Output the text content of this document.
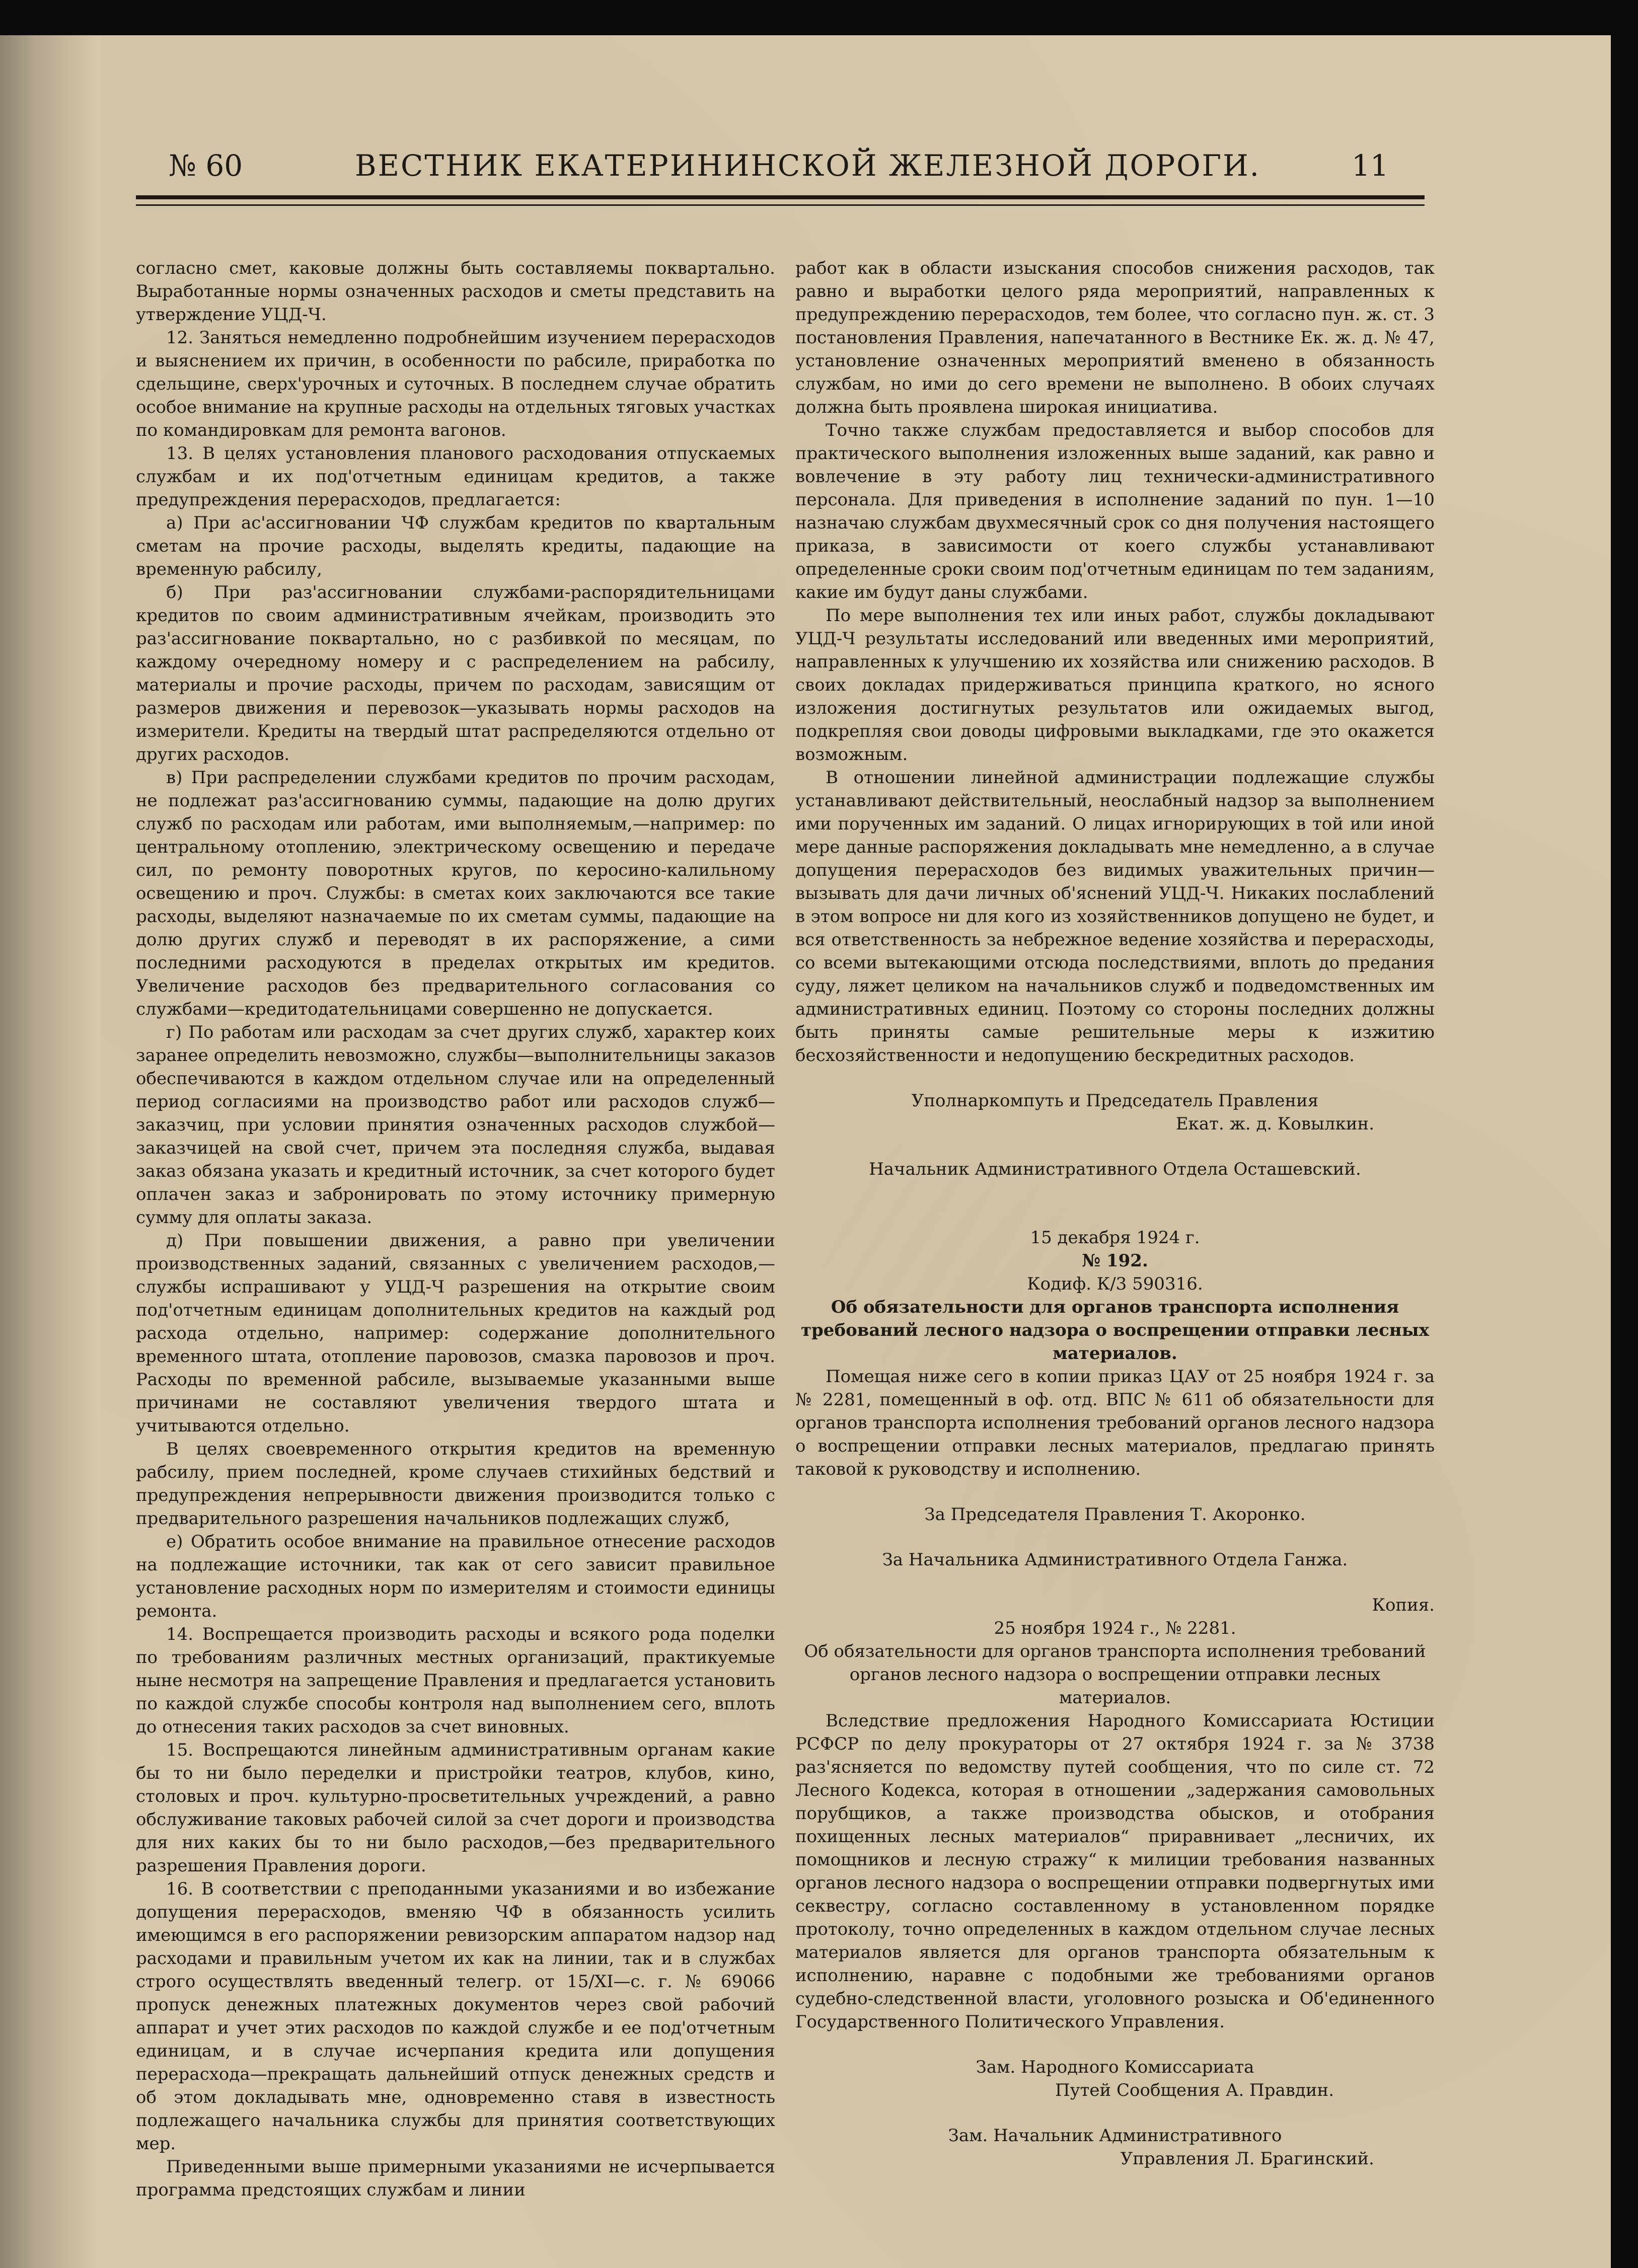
№ 60	ВЕСТНИК ЕКАТЕРИНИНСКОЙ ЖЕЛЕЗНОЙ ДОРОГИ.	11

согласно смет, каковые должны быть составляемы поквартально. Выработанные нормы означенных расходов и сметы представить на утверждение УЦД-Ч.

12. Заняться немедленно подробнейшим изучением перерасходов и выяснением их причин, в особенности по рабсиле, приработка по сдельщине, сверх'урочных и суточных. В последнем случае обратить особое внимание на крупные расходы на отдельных тяговых участках по командировкам для ремонта вагонов.

13. В целях установления планового расходования отпускаемых службам и их под'отчетным единицам кредитов, а также предупреждения перерасходов, предлагается:

а) При ас'ассигновании ЧФ службам кредитов по квартальным сметам на прочие расходы, выделять кредиты, падающие на временную рабсилу,

б) При раз'ассигновании службами-распорядительницами кредитов по своим административным ячейкам, производить это раз'ассигнование поквартально, но с разбивкой по месяцам, по каждому очередному номеру и с распределением на рабсилу, материалы и прочие расходы, причем по расходам, зависящим от размеров движения и перевозок—указывать нормы расходов на измерители. Кредиты на твердый штат распределяются отдельно от других расходов.

в) При распределении службами кредитов по прочим расходам, не подлежат раз'ассигнованию суммы, падающие на долю других служб по расходам или работам, ими выполняемым,—например: по центральному отоплению, электрическому освещению и передаче сил, по ремонту поворотных кругов, по керосино-калильному освещению и проч. Службы: в сметах коих заключаются все такие расходы, выделяют назначаемые по их сметам суммы, падающие на долю других служб и переводят в их распоряжение, а сими последними расходуются в пределах открытых им кредитов. Увеличение расходов без предварительного согласования со службами—кредитодательницами совершенно не допускается.

г) По работам или расходам за счет других служб, характер коих заранее определить невозможно, службы—выполнительницы заказов обеспечиваются в каждом отдельном случае или на определенный период согласиями на производство работ или расходов служб—заказчиц, при условии принятия означенных расходов службой—заказчицей на свой счет, причем эта последняя служба, выдавая заказ обязана указать и кредитный источник, за счет которого будет оплачен заказ и забронировать по этому источнику примерную сумму для оплаты заказа.

д) При повышении движения, а равно при увеличении производственных заданий, связанных с увеличением расходов,—службы испрашивают у УЦД-Ч разрешения на открытие своим под'отчетным единицам дополнительных кредитов на каждый род расхода отдельно, например: содержание дополнительного временного штата, отопление паровозов, смазка паровозов и проч. Расходы по временной рабсиле, вызываемые указанными выше причинами не составляют увеличения твердого штата и учитываются отдельно.

В целях своевременного открытия кредитов на временную рабсилу, прием последней, кроме случаев стихийных бедствий и предупреждения непрерывности движения производится только с предварительного разрешения начальников подлежащих служб,

е) Обратить особое внимание на правильное отнесение расходов на подлежащие источники, так как от сего зависит правильное установление расходных норм по измерителям и стоимости единицы ремонта.

14. Воспрещается производить расходы и всякого рода поделки по требованиям различных местных организаций, практикуемые ныне несмотря на запрещение Правления и предлагается установить по каждой службе способы контроля над выполнением сего, вплоть до отнесения таких расходов за счет виновных.

15. Воспрещаются линейным административным органам какие бы то ни было переделки и пристройки театров, клубов, кино, столовых и проч. культурно-просветительных учреждений, а равно обслуживание таковых рабочей силой за счет дороги и производства для них каких бы то ни было расходов,—без предварительного разрешения Правления дороги.

16. В соответствии с преподанными указаниями и во избежание допущения перерасходов, вменяю ЧФ в обязанность усилить имеющимся в его распоряжении ревизорским аппаратом надзор над расходами и правильным учетом их как на линии, так и в службах строго осуществлять введенный телегр. от 15/XI—с. г. № 69066 пропуск денежных платежных документов через свой рабочий аппарат и учет этих расходов по каждой службе и ее под'отчетным единицам, и в случае исчерпания кредита или допущения перерасхода—прекращать дальнейший отпуск денежных средств и об этом докладывать мне, одновременно ставя в известность подлежащего начальника службы для принятия соответствующих мер.

Приведенными выше примерными указаниями не исчерпывается программа предстоящих службам и линии

работ как в области изыскания способов снижения расходов, так равно и выработки целого ряда мероприятий, направленных к предупреждению перерасходов, тем более, что согласно пун. ж. ст. 3 постановления Правления, напечатанного в Вестнике Ек. ж. д. № 47, установление означенных мероприятий вменено в обязанность службам, но ими до сего времени не выполнено. В обоих случаях должна быть проявлена широкая инициатива.

Точно также службам предоставляется и выбор способов для практического выполнения изложенных выше заданий, как равно и вовлечение в эту работу лиц технически-административного персонала. Для приведения в исполнение заданий по пун. 1—10 назначаю службам двухмесячный срок со дня получения настоящего приказа, в зависимости от коего службы устанавливают определенные сроки своим под'отчетным единицам по тем заданиям, какие им будут даны службами.

По мере выполнения тех или иных работ, службы докладывают УЦД-Ч результаты исследований или введенных ими мероприятий, направленных к улучшению их хозяйства или снижению расходов. В своих докладах придерживаться принципа краткого, но ясного изложения достигнутых результатов или ожидаемых выгод, подкрепляя свои доводы цифровыми выкладками, где это окажется возможным.

В отношении линейной администрации подлежащие службы устанавливают действительный, неослабный надзор за выполнением ими порученных им заданий. О лицах игнорирующих в той или иной мере данные распоряжения докладывать мне немедленно, а в случае допущения перерасходов без видимых уважительных причин—вызывать для дачи личных об'яснений УЦД-Ч. Никаких послаблений в этом вопросе ни для кого из хозяйственников допущено не будет, и вся ответственность за небрежное ведение хозяйства и перерасходы, со всеми вытекающими отсюда последствиями, вплоть до предания суду, ляжет целиком на начальников служб и подведомственных им административных единиц. Поэтому со стороны последних должны быть приняты самые решительные меры к изжитию бесхозяйственности и недопущению бескредитных расходов.

Уполнаркомпуть и Председатель Правления

Екат. ж. д. Ковылкин.

Начальник Административного Отдела Осташевский.

15 декабря 1924 г.

№ 192.

Кодиф. К/3 590316.

Об обязательности для органов транспорта исполнения требований лесного надзора о воспрещении отправки лесных материалов.

Помещая ниже сего в копии приказ ЦАУ от 25 ноября 1924 г. за № 2281, помещенный в оф. отд. ВПС № 611 об обязательности для органов транспорта исполнения требований органов лесного надзора о воспрещении отправки лесных материалов, предлагаю принять таковой к руководству и исполнению.

За Председателя Правления Т. Акоронко.

За Начальника Административного Отдела Ганжа.

Копия.

25 ноября 1924 г., № 2281.

Об обязательности для органов транспорта исполнения требований органов лесного надзора о воспрещении отправки лесных материалов.

Вследствие предложения Народного Комиссариата Юстиции РСФСР по делу прокураторы от 27 октября 1924 г. за № 3738 раз'ясняется по ведомству путей сообщения, что по силе ст. 72 Лесного Кодекса, которая в отношении „задержания самовольных порубщиков, а также производства обысков, и отобрания похищенных лесных материалов“ приравнивает „лесничих, их помощников и лесную стражу“ к милиции требования названных органов лесного надзора о воспрещении отправки подвергнутых ими секвестру, согласно составленному в установленном порядке протоколу, точно определенных в каждом отдельном случае лесных материалов является для органов транспорта обязательным к исполнению, наравне с подобными же требованиями органов судебно-следственной власти, уголовного розыска и Об'единенного Государственного Политического Управления.

Зам. Народного Комиссариата

Путей Сообщения А. Правдин.

Зам. Начальник Административного

Управления Л. Брагинский.
